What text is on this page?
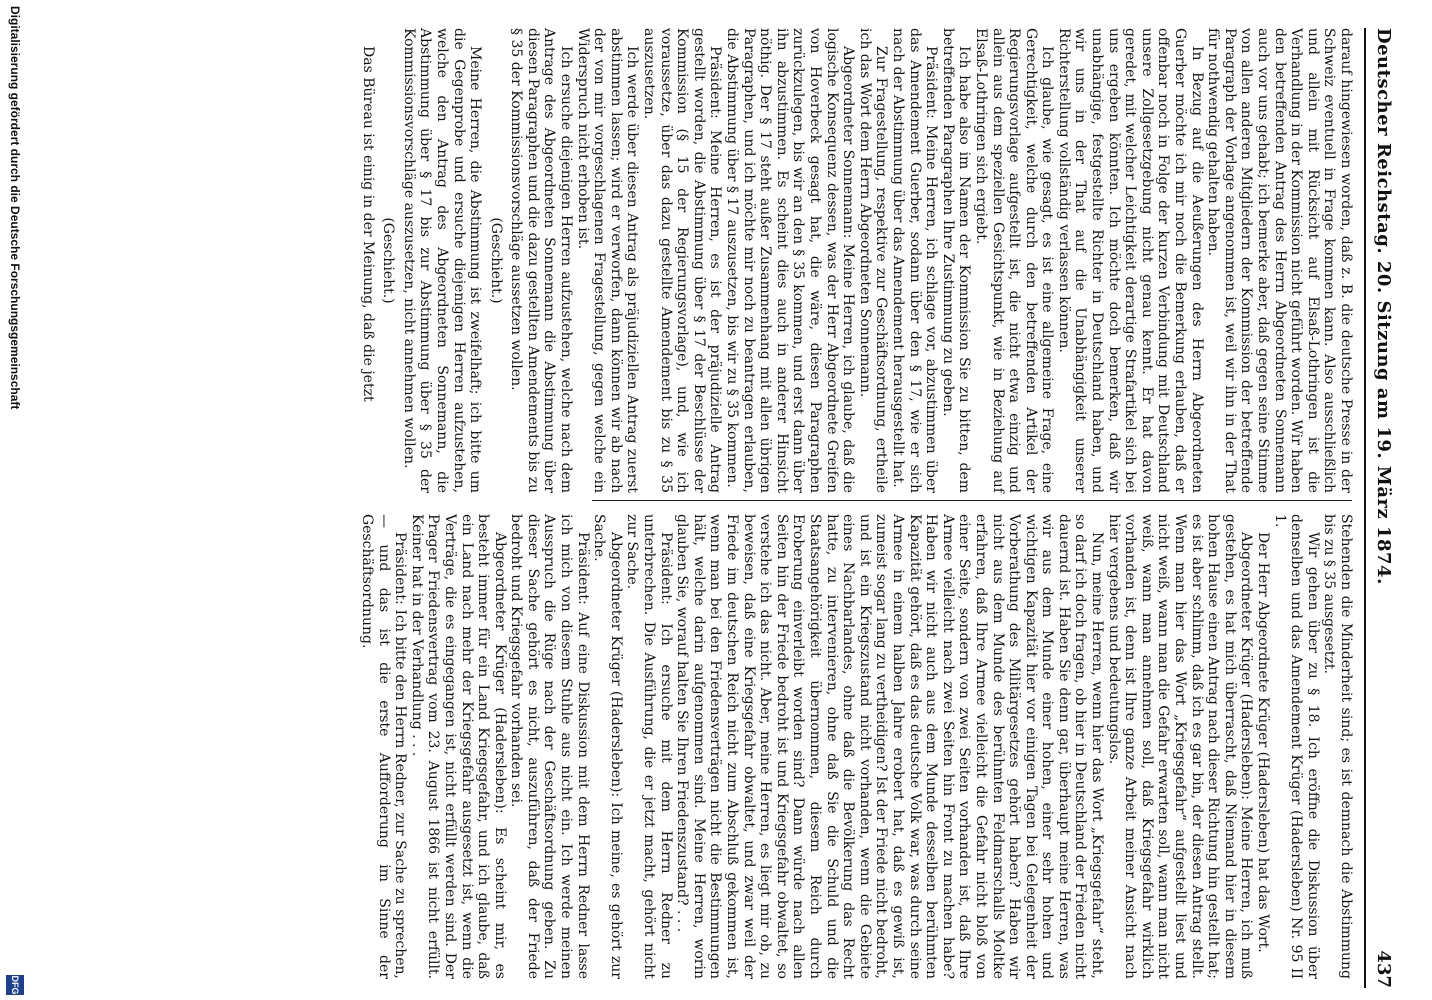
Deutscher Reichstag. 20. Sitzung am 19. März 1874.
437

darauf hingewiesen worden, daß z. B. die deutsche Presse in der Schweiz eventuell in Frage kommen kann. Also ausschließlich und allein mit Rücksicht auf Elsaß-Lothringen ist die Verhandlung in der Kommission nicht geführt worden. Wir haben den betreffenden Antrag des Herrn Abgeordneten Sonnemann auch vor uns gehabt; ich bemerke aber, daß gegen seine Stimme von allen anderen Mitgliedern der Kommission der betreffende Paragraph der Vorlage angenommen ist, weil wir ihn in der That für nothwendig gehalten haben.

In Bezug auf die Aeußerungen des Herrn Abgeordneten Guerber möchte ich mir noch die Bemerkung erlauben, daß er offenbar noch in Folge der kurzen Verbindung mit Deutschland unsere Zollgesetzgebung nicht genau kennt. Er hat davon geredet, mit welcher Leichtigkeit derartige Strafartikel sich bei uns ergeben könnten. Ich möchte doch bemerken, daß wir unabhängige, festgestellte Richter in Deutschland haben, und wir uns in der That auf die Unabhängigkeit unserer Richterstellung vollständig verlassen können.

Ich glaube, wie gesagt, es ist eine allgemeine Frage, eine Gerechtigkeit, welche durch den betreffenden Artikel der Regierungsvorlage aufgestellt ist, die nicht etwa einzig und allein aus dem speziellen Gesichtspunkt, wie in Beziehung auf Elsaß-Lothringen sich ergiebt.

Ich habe also im Namen der Kommission Sie zu bitten, dem betreffenden Paragraphen Ihre Zustimmung zu geben.

Präsident: Meine Herren, ich schlage vor, abzustimmen über das Amendement Guerber, sodann über den § 17, wie er sich nach der Abstimmung über das Amendement herausgestellt hat.

Zur Fragestellung, respektive zur Geschäftsordnung, ertheile ich das Wort dem Herrn Abgeordneten Sonnemann.

Abgeordneter Sonnemann: Meine Herren, ich glaube, daß die logische Konsequenz dessen, was der Herr Abgeordnete Greifen von Hoverbeck gesagt hat, die wäre, diesen Paragraphen zurückzulegen, bis wir an den § 35 kommen, und erst dann über ihn abzustimmen. Es scheint dies auch in anderer Hinsicht nöthig. Der § 17 steht außer Zusammenhang mit allen übrigen Paragraphen, und ich möchte mir noch zu beantragen erlauben, die Abstimmung über § 17 auszusetzen, bis wir zu § 35 kommen.

Präsident: Meine Herren, es ist der präjudizielle Antrag gestellt worden, die Abstimmung über § 17 der Beschlüsse der Kommission (§ 15 der Regierungsvorlage), und, wie ich voraussetze, über das dazu gestellte Amendement bis zu § 35 auszusetzen.

Ich werde über diesen Antrag als präjudiziellen Antrag zuerst abstimmen lassen; wird er verworfen, dann können wir ab nach der von mir vorgeschlagenen Fragestellung, gegen welche ein Widerspruch nicht erhoben ist.

Ich ersuche diejenigen Herren aufzustehen, welche nach dem Antrage des Abgeordneten Sonnemann die Abstimmung über diesen Paragraphen und die dazu gestellten Amendements bis zu § 35 der Kommissionsvorschläge aussetzen wollen.

(Geschieht.)

Meine Herren, die Abstimmung ist zweifelhaft; ich bitte um die Gegenprobe und ersuche diejenigen Herren aufzustehen, welche den Antrag des Abgeordneten Sonnemann, die Abstimmung über § 17 bis zur Abstimmung über § 35 der Kommissionsvorschläge auszusetzen, nicht annehmen wollen.

(Geschieht.)

Das Büreau ist einig in der Meinung, daß die jetzt

Stehenden die Minderheit sind; es ist demnach die Abstimmung bis zu § 35 ausgesetzt.

Wir gehen über zu § 18. Ich eröffne die Diskussion über denselben und das Amendement Krüger (Hadersleben) Nr. 95 II 1.

Der Herr Abgeordnete Krüger (Hadersleben) hat das Wort.

Abgeordneter Krüger (Hadersleben): Meine Herren, ich muß gestehen, es hat mich überrascht, daß Niemand hier in diesem hohen Hause einen Antrag nach dieser Richtung hin gestellt hat; es ist aber schlimm, daß ich es gar bin, der diesen Antrag stellt. Wenn man hier das Wort „Kriegsgefahr“ aufgestellt liest und nicht weiß, wann man die Gefahr erwarten soll, wann man nicht weiß, wann man annehmen soll, daß Kriegsgefahr wirklich vorhanden ist, denn ist Ihre ganze Arbeit meiner Ansicht nach hier vergebens und bedeutungslos.

Nun, meine Herren, wenn hier das Wort „Kriegsgefahr“ steht, so darf ich doch fragen, ob hier in Deutschland der Frieden nicht dauernd ist. Haben Sie denn gar, überhaupt meine Herren, was wir aus dem Munde einer hohen, einer sehr hohen und wichtigen Kapazität hier vor einigen Tagen bei Gelegenheit der Vorberathung des Militärgesetzes gehört haben? Haben wir nicht aus dem Munde des berühmten Feldmarschalls Moltke erfahren, daß Ihre Armee vielleicht die Gefahr nicht bloß von einer Seite, sondern von zwei Seiten vorhanden ist, daß Ihre Armee vielleicht nach zwei Seiten hin Front zu machen habe? Haben wir nicht auch aus dem Munde desselben berühmten Kapazität gehört, daß es das deutsche Volk war, was durch seine Armee in einem halben Jahre erobert hat, daß es gewiß ist, zumeist sogar lang zu vertheidigen? Ist der Friede nicht bedroht, und ist ein Kriegszustand nicht vorhanden, wenn die Gebiete eines Nachbarlandes, ohne daß die Bevölkerung das Recht hatte, zu intervenieren, ohne daß Sie die Schuld und die Staatsangehörigkeit übernommen, diesem Reich durch Eroberung einverleibt worden sind? Dann würde nach allen Seiten hin der Friede bedroht ist und Kriegsgefahr obwaltet, so verstehe ich das nicht. Aber, meine Herren, es liegt mir ob, zu beweisen, daß eine Kriegsgefahr obwaltet, und zwar weil der Friede im deutschen Reich nicht zum Abschluß gekommen ist, wenn man bei den Friedensverträgen nicht die Bestimmungen hält, welche darin aufgenommen sind. Meine Herren, worin glauben Sie, worauf halten Sie Ihren Friedenszustand? . . .

Präsident: Ich ersuche mit dem Herrn Redner zu unterbrechen. Die Ausführung, die er jetzt macht, gehört nicht zur Sache.

Abgeordneter Krüger (Hadersleben): Ich meine, es gehört zur Sache.

Präsident: Auf eine Diskussion mit dem Herrn Redner lasse ich mich von diesem Stuhle aus nicht ein. Ich werde meinen Ausspruch die Rüge nach der Geschäftsordnung geben. Zu dieser Sache gehört es nicht, auszuführen, daß der Friede bedroht und Kriegsgefahr vorhanden sei.

Abgeordneter Krüger (Hadersleben): Es scheint mir, es besteht immer für ein Land Kriegsgefahr, und ich glaube, daß ein Land nach mehr der Kriegsgefahr ausgesetzt ist, wenn die Verträge, die es eingegangen ist, nicht erfüllt werden sind. Der Prager Friedensvertrag vom 23. August 1866 ist nicht erfüllt. Keiner hat in der Verhandlung . . .

Präsident: Ich bitte den Herrn Redner, zur Sache zu sprechen, — und das ist die erste Aufforderung im Sinne der Geschäftsordnung.

Digitalisierung gefördert durch die Deutsche Forschungsgemeinschaft
DFG
